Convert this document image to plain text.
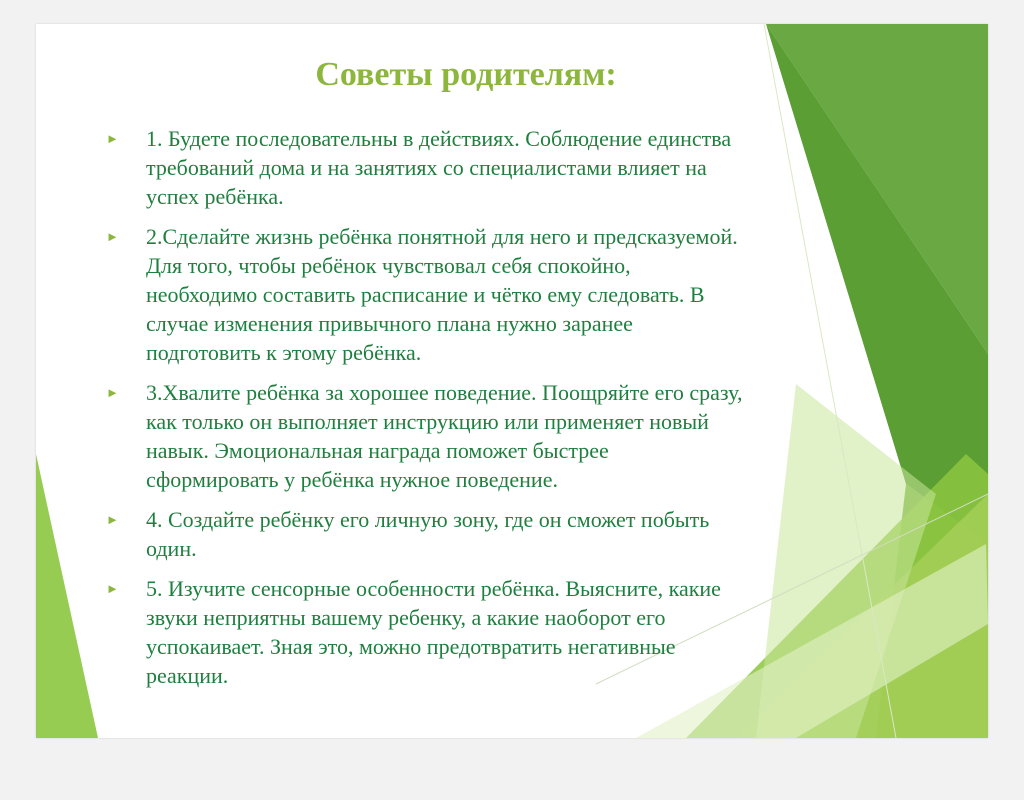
Советы родителям:
► 1. Будете последовательны в действиях. Соблюдение единства требований дома и на занятиях со специалистами влияет на успех ребёнка.
► 2.Сделайте жизнь ребёнка понятной для него и предсказуемой. Для того, чтобы ребёнок чувствовал себя спокойно, необходимо составить расписание и чётко ему следовать. В случае изменения привычного плана нужно заранее подготовить к этому ребёнка.
► 3.Хвалите ребёнка за хорошее поведение. Поощряйте его сразу, как только он выполняет инструкцию или применяет новый навык. Эмоциональная награда поможет быстрее сформировать у ребёнка нужное поведение.
► 4. Создайте ребёнку его личную зону, где он сможет побыть один.
► 5. Изучите сенсорные особенности ребёнка. Выясните, какие звуки неприятны вашему ребенку, а какие наоборот его успокаивает. Зная это, можно предотвратить негативные реакции.
